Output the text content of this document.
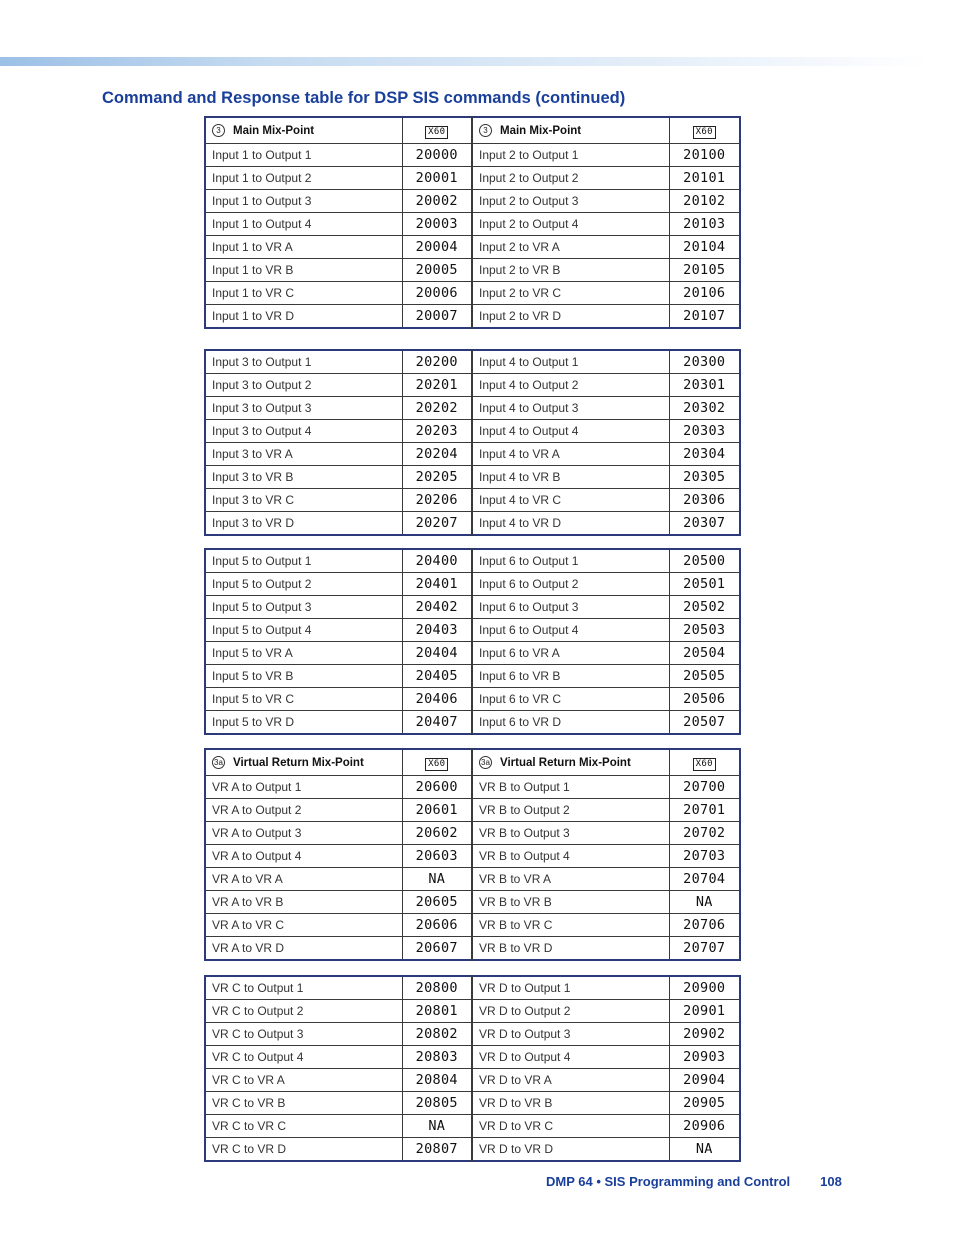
Command and Response table for DSP SIS commands (continued)
3 Main Mix-Point	X60	3 Main Mix-Point	X60
Input 1 to Output 1	20000	Input 2 to Output 1	20100
Input 1 to Output 2	20001	Input 2 to Output 2	20101
Input 1 to Output 3	20002	Input 2 to Output 3	20102
Input 1 to Output 4	20003	Input 2 to Output 4	20103
Input 1 to VR A	20004	Input 2 to VR A	20104
Input 1 to VR B	20005	Input 2 to VR B	20105
Input 1 to VR C	20006	Input 2 to VR C	20106
Input 1 to VR D	20007	Input 2 to VR D	20107
Input 3 to Output 1	20200	Input 4 to Output 1	20300
Input 3 to Output 2	20201	Input 4 to Output 2	20301
Input 3 to Output 3	20202	Input 4 to Output 3	20302
Input 3 to Output 4	20203	Input 4 to Output 4	20303
Input 3 to VR A	20204	Input 4 to VR A	20304
Input 3 to VR B	20205	Input 4 to VR B	20305
Input 3 to VR C	20206	Input 4 to VR C	20306
Input 3 to VR D	20207	Input 4 to VR D	20307
Input 5 to Output 1	20400	Input 6 to Output 1	20500
Input 5 to Output 2	20401	Input 6 to Output 2	20501
Input 5 to Output 3	20402	Input 6 to Output 3	20502
Input 5 to Output 4	20403	Input 6 to Output 4	20503
Input 5 to VR A	20404	Input 6 to VR A	20504
Input 5 to VR B	20405	Input 6 to VR B	20505
Input 5 to VR C	20406	Input 6 to VR C	20506
Input 5 to VR D	20407	Input 6 to VR D	20507
3a Virtual Return Mix-Point	X60	3a Virtual Return Mix-Point	X60
VR A to Output 1	20600	VR B to Output 1	20700
VR A to Output 2	20601	VR B to Output 2	20701
VR A to Output 3	20602	VR B to Output 3	20702
VR A to Output 4	20603	VR B to Output 4	20703
VR A to VR A	NA	VR B to VR A	20704
VR A to VR B	20605	VR B to VR B	NA
VR A to VR C	20606	VR B to VR C	20706
VR A to VR D	20607	VR B to VR D	20707
VR C to Output 1	20800	VR D to Output 1	20900
VR C to Output 2	20801	VR D to Output 2	20901
VR C to Output 3	20802	VR D to Output 3	20902
VR C to Output 4	20803	VR D to Output 4	20903
VR C to VR A	20804	VR D to VR A	20904
VR C to VR B	20805	VR D to VR B	20905
VR C to VR C	NA	VR D to VR C	20906
VR C to VR D	20807	VR D to VR D	NA
DMP 64 • SIS Programming and Control 108
